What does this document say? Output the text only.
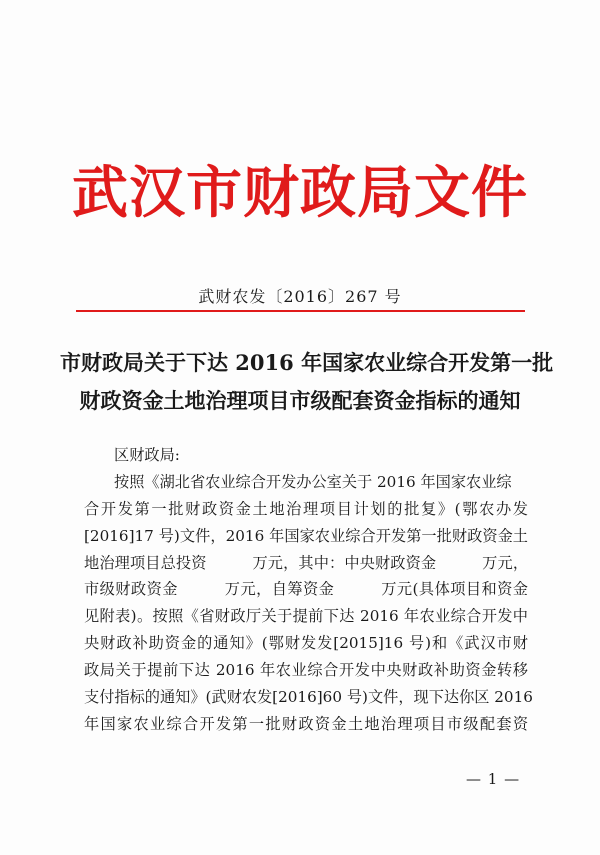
武汉市财政局文件
武财农发〔2016〕267 号
市财政局关于下达 2016 年国家农业综合开发第一批
财政资金土地治理项目市级配套资金指标的通知
区财政局:
按照《湖北省农业综合开发办公室关于 2016 年国家农业综
合开发第一批财政资金土地治理项目计划的批复》(鄂农办发
[2016]17 号)文件，2016 年国家农业综合开发第一批财政资金土
地治理项目总投资　　　万元，其中：中央财政资金　　　万元，
市级财政资金　　　万元，自筹资金　　　万元(具体项目和资金
见附表)。按照《省财政厅关于提前下达 2016 年农业综合开发中
央财政补助资金的通知》(鄂财发发[2015]16 号)和《武汉市财
政局关于提前下达 2016 年农业综合开发中央财政补助资金转移
支付指标的通知》(武财农发[2016]60 号)文件，现下达你区 2016
年国家农业综合开发第一批财政资金土地治理项目市级配套资
— 1 —
